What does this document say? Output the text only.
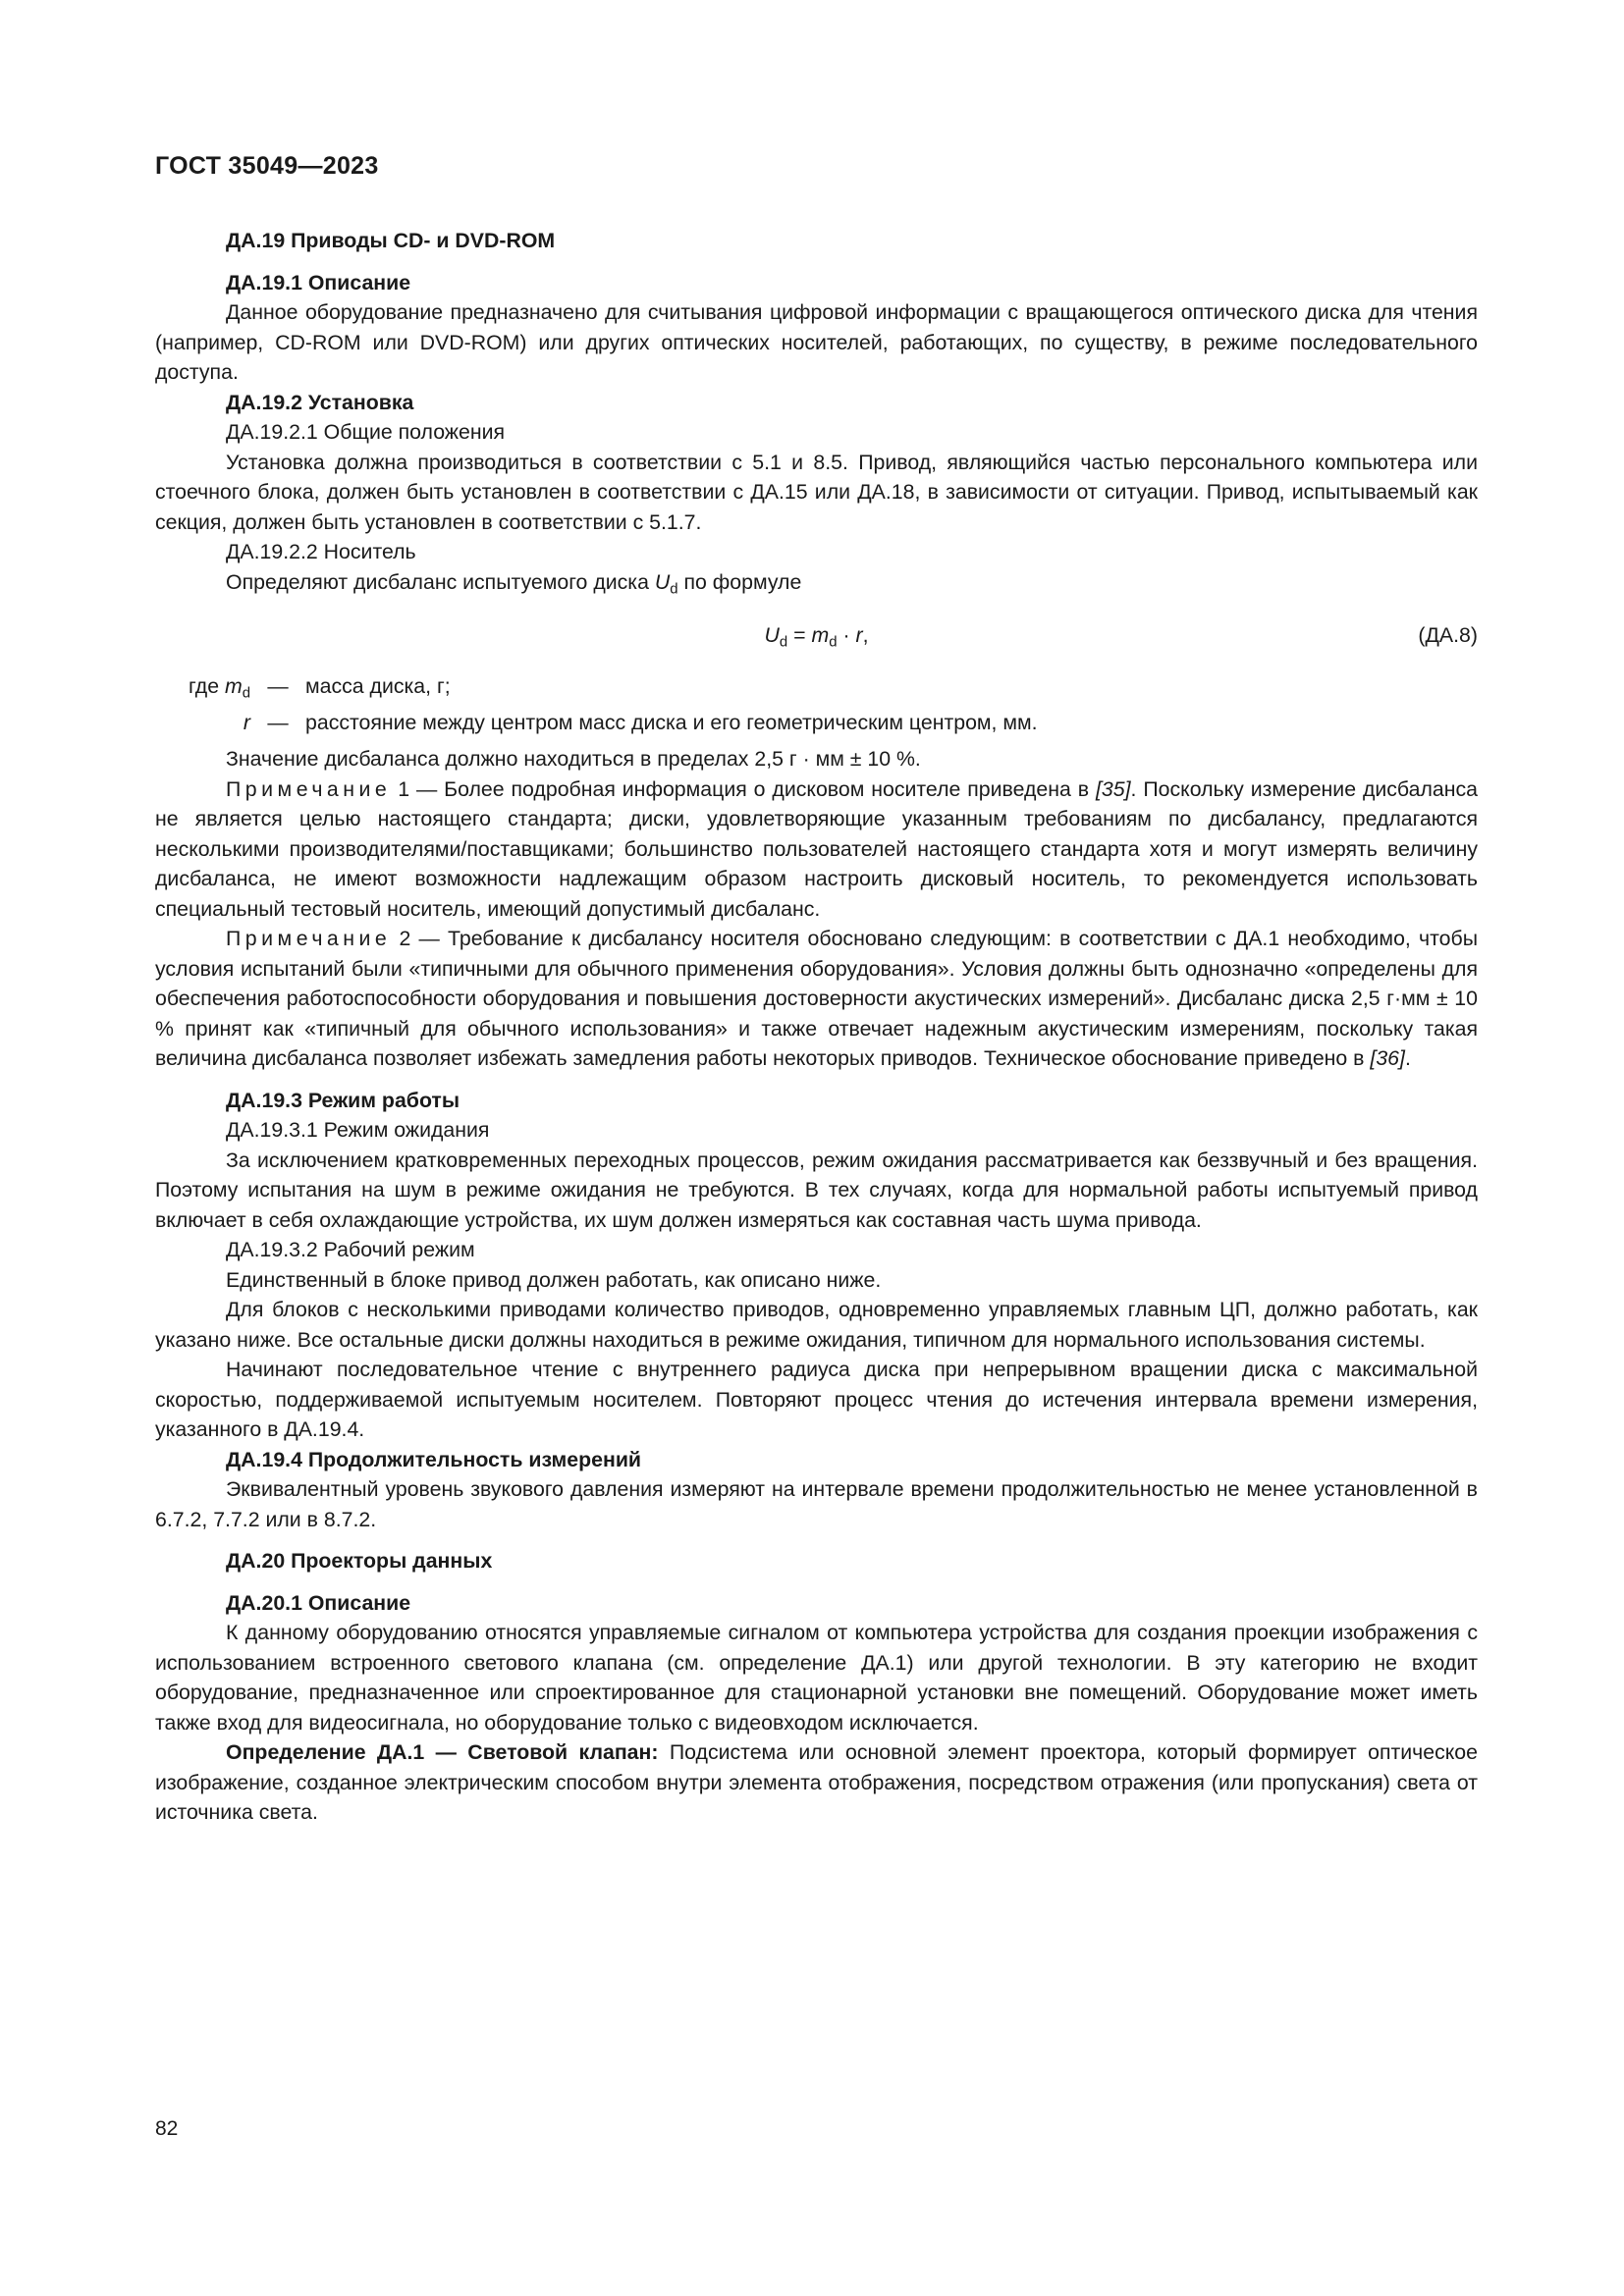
ГОСТ 35049—2023

ДА.19 Приводы CD- и DVD-ROM

ДА.19.1 Описание

Данное оборудование предназначено для считывания цифровой информации с вращающегося оптического диска для чтения (например, CD-ROM или DVD-ROM) или других оптических носителей, работающих, по существу, в режиме последовательного доступа.

ДА.19.2 Установка

ДА.19.2.1 Общие положения

Установка должна производиться в соответствии с 5.1 и 8.5. Привод, являющийся частью персонального компьютера или стоечного блока, должен быть установлен в соответствии с ДА.15 или ДА.18, в зависимости от ситуации. Привод, испытываемый как секция, должен быть установлен в соответствии с 5.1.7.

ДА.19.2.2 Носитель

Определяют дисбаланс испытуемого диска $U_d$ по формуле

$U_d = m_d \cdot r$,	(ДА.8)
где $m_d$ — масса диска, г;
r — расстояние между центром масс диска и его геометрическим центром, мм.

Значение дисбаланса должно находиться в пределах 2,5 г · мм ± 10 %.

Примечание 1 — Более подробная информация о дисковом носителе приведена в [35]. Поскольку измерение дисбаланса не является целью настоящего стандарта; диски, удовлетворяющие указанным требованиям по дисбалансу, предлагаются несколькими производителями/поставщиками; большинство пользователей настоящего стандарта хотя и могут измерять величину дисбаланса, не имеют возможности надлежащим образом настроить дисковый носитель, то рекомендуется использовать специальный тестовый носитель, имеющий допустимый дисбаланс.

Примечание 2 — Требование к дисбалансу носителя обосновано следующим: в соответствии с ДА.1 необходимо, чтобы условия испытаний были «типичными для обычного применения оборудования». Условия должны быть однозначно «определены для обеспечения работоспособности оборудования и повышения достоверности акустических измерений». Дисбаланс диска 2,5 г·мм ± 10 % принят как «типичный для обычного использования» и также отвечает надежным акустическим измерениям, поскольку такая величина дисбаланса позволяет избежать замедления работы некоторых приводов. Техническое обоснование приведено в [36].

ДА.19.3 Режим работы

ДА.19.3.1 Режим ожидания

За исключением кратковременных переходных процессов, режим ожидания рассматривается как беззвучный и без вращения. Поэтому испытания на шум в режиме ожидания не требуются. В тех случаях, когда для нормальной работы испытуемый привод включает в себя охлаждающие устройства, их шум должен измеряться как составная часть шума привода.

ДА.19.3.2 Рабочий режим

Единственный в блоке привод должен работать, как описано ниже.

Для блоков с несколькими приводами количество приводов, одновременно управляемых главным ЦП, должно работать, как указано ниже. Все остальные диски должны находиться в режиме ожидания, типичном для нормального использования системы.

Начинают последовательное чтение с внутреннего радиуса диска при непрерывном вращении диска с максимальной скоростью, поддерживаемой испытуемым носителем. Повторяют процесс чтения до истечения интервала времени измерения, указанного в ДА.19.4.

ДА.19.4 Продолжительность измерений

Эквивалентный уровень звукового давления измеряют на интервале времени продолжительностью не менее установленной в 6.7.2, 7.7.2 или в 8.7.2.

ДА.20 Проекторы данных

ДА.20.1 Описание

К данному оборудованию относятся управляемые сигналом от компьютера устройства для создания проекции изображения с использованием встроенного светового клапана (см. определение ДА.1) или другой технологии. В эту категорию не входит оборудование, предназначенное или спроектированное для стационарной установки вне помещений. Оборудование может иметь также вход для видеосигнала, но оборудование только с видеовходом исключается.

Определение ДА.1 — Световой клапан: Подсистема или основной элемент проектора, который формирует оптическое изображение, созданное электрическим способом внутри элемента отображения, посредством отражения (или пропускания) света от источника света.

82
